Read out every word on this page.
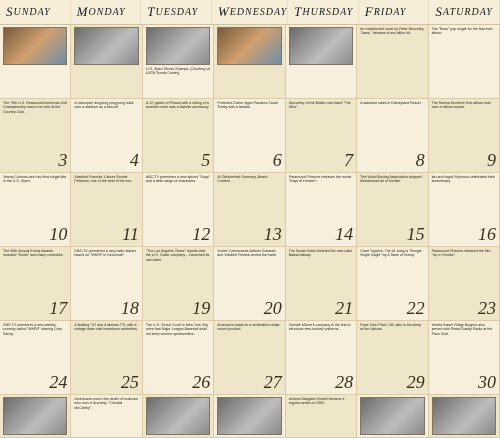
S UNDAY M ONDAY T UESDAY W EDNESDAY T HURSDAY F RIDAY S ATURDAY
U.S. Open Tennis Champs. (Courtesy of USTA Tennis Center)
An established novel by Peter Benchley, "Jaws," became a box office hit.
The "Boss" pop single for the first ever album.
The 70th U.S. Restaurant Americas Golf Championship was to be held at the Country Club.
3
A helicopter dropping ping-pong balls onto a stadium as a kick-off.
4
A 1/7 gallon of Pinaud with a rolling of a scented comb was a favorite accessory.
5
President Carter signs Panama Canal Treaty with a fanfare.
6
Discovery of the British rock band "The Who".
7
A standout sales in Disneyland Resort.
8
The Ramos Brothers' first album sold over a million copies.
9
Jimmy Connors won his third single title in the U.S. Open.
10
Swedish Formula 1 driver Ronnie Peterson, one of the best of the era.
11
ABC-TV premieres a new sitcom "Soap" and a wide range of characters.
12
At Oktoberfest Germany, Beard Contest.
13
Paramount Pictures releases the movie "Days of Heaven".
14
The World Boxing Association stripped Muhammad Ali of his title.
15
Ian and Ingrid Seymour celebrated their anniversary.
16
The 30th Annual Emmy Awards included "Roots" and many comedies.
17
CBS-TV premiered a new radio station based on "WKRP in Cincinnati".
18
"The Los Angeles Times" reports that the U.S. Guitar company... Launched its own label.
19
Soviet Cosmonauts Aleksei Gubarev and Vladimir Remek circled the earth.
20
The Soviet Union finished the new Lake Baikal railway.
21
Chart Toppers: The #1 song is "Boogie Oogie Oogie" by A Taste of Honey.
22
Paramount Pictures released the film "Up In Smoke".
23
CBS-TV premieres a new weekly comedy called "WKRP" starring Gary Sandy.
24
A floating 747 and a famous TTL with a vintage diner visit hometown celebrities.
25
The U.S. Circuit Court in New York City rules that Major League Baseball shall not keep women sportswriters.
26
America is made to a multimillion dollar record product.
27
Christie Moore's company is the first to introduce new hockey uniforms.
28
Pope John Paul I, 65, dies in his sleep at the Vatican.
29
Hearts Kaiser Ridge Burgers also served with Pinkel Daddy Radio at the Pace Club.
30
Americans mourn the death of musician who won a Grammy, "Chuckie McCarthy".
Actress Margaret Sowell became a regular series on CBS.
